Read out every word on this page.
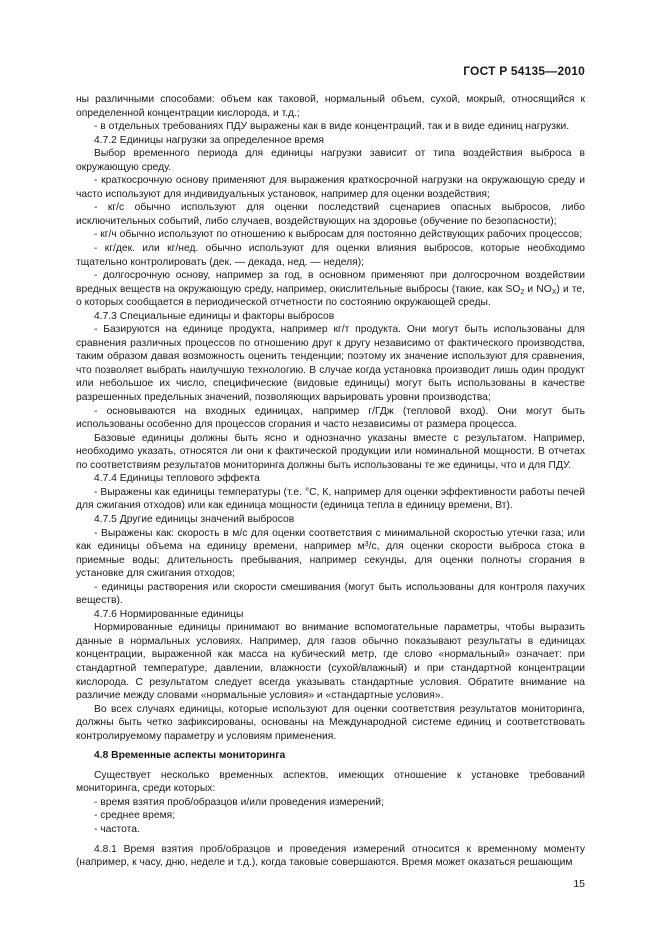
ГОСТ Р 54135—2010

ны различными способами: объем как таковой, нормальный объем, сухой, мокрый, относящийся к определенной концентрации кислорода, и т.д.;

- в отдельных требованиях ПДУ выражены как в виде концентраций, так и в виде единиц нагрузки.

4.7.2 Единицы нагрузки за определенное время

Выбор временного периода для единицы нагрузки зависит от типа воздействия выброса в окружающую среду.

- краткосрочную основу применяют для выражения краткосрочной нагрузки на окружающую среду и часто используют для индивидуальных установок, например для оценки воздействия;

- кг/с обычно используют для оценки последствий сценариев опасных выбросов, либо исключительных событий, либо случаев, воздействующих на здоровье (обучение по безопасности);

- кг/ч обычно используют по отношению к выбросам для постоянно действующих рабочих процессов;

- кг/дек. или кг/нед. обычно используют для оценки влияния выбросов, которые необходимо тщательно контролировать (дек. — декада, нед. — неделя);

- долгосрочную основу, например за год, в основном применяют при долгосрочном воздействии вредных веществ на окружающую среду, например, окислительные выбросы (такие, как $SO_2$ и $NO_X$) и те, о которых сообщается в периодической отчетности по состоянию окружающей среды.

4.7.3 Специальные единицы и факторы выбросов

- Базируются на единице продукта, например кг/т продукта. Они могут быть использованы для сравнения различных процессов по отношению друг к другу независимо от фактического производства, таким образом давая возможность оценить тенденции; поэтому их значение используют для сравнения, что позволяет выбрать наилучшую технологию. В случае когда установка производит лишь один продукт или небольшое их число, специфические (видовые единицы) могут быть использованы в качестве разрешенных предельных значений, позволяющих варьировать уровни производства;

- основываются на входных единицах, например г/ГДж (тепловой вход). Они могут быть использованы особенно для процессов сгорания и часто независимы от размера процесса.

Базовые единицы должны быть ясно и однозначно указаны вместе с результатом. Например, необходимо указать, относятся ли они к фактической продукции или номинальной мощности. В отчетах по соответствиям результатов мониторинга должны быть использованы те же единицы, что и для ПДУ.

4.7.4 Единицы теплового эффекта

- Выражены как единицы температуры (т.е. °С, К, например для оценки эффективности работы печей для сжигания отходов) или как единица мощности (единица тепла в единицу времени, Вт).

4.7.5 Другие единицы значений выбросов

- Выражены как: скорость в м/с для оценки соответствия с минимальной скоростью утечки газа; или как единицы объема на единицу времени, например $м^3/с$, для оценки скорости выброса стока в приемные воды; длительность пребывания, например секунды, для оценки полноты сгорания в установке для сжигания отходов;

- единицы растворения или скорости смешивания (могут быть использованы для контроля пахучих веществ).

4.7.6 Нормированные единицы

Нормированные единицы принимают во внимание вспомогательные параметры, чтобы выразить данные в нормальных условиях. Например, для газов обычно показывают результаты в единицах концентрации, выраженной как масса на кубический метр, где слово «нормальный» означает: при стандартной температуре, давлении, влажности (сухой/влажный) и при стандартной концентрации кислорода. С результатом следует всегда указывать стандартные условия. Обратите внимание на различие между словами «нормальные условия» и «стандартные условия».

Во всех случаях единицы, которые используют для оценки соответствия результатов мониторинга, должны быть четко зафиксированы, основаны на Международной системе единиц и соответствовать контролируемому параметру и условиям применения.

4.8 Временные аспекты мониторинга

Существует несколько временных аспектов, имеющих отношение к установке требований мониторинга, среди которых:

- время взятия проб/образцов и/или проведения измерений;

- среднее время;

- частота.

4.8.1 Время взятия проб/образцов и проведения измерений относится к временному моменту (например, к часу, дню, неделе и т.д.), когда таковые совершаются. Время может оказаться решающим

15
